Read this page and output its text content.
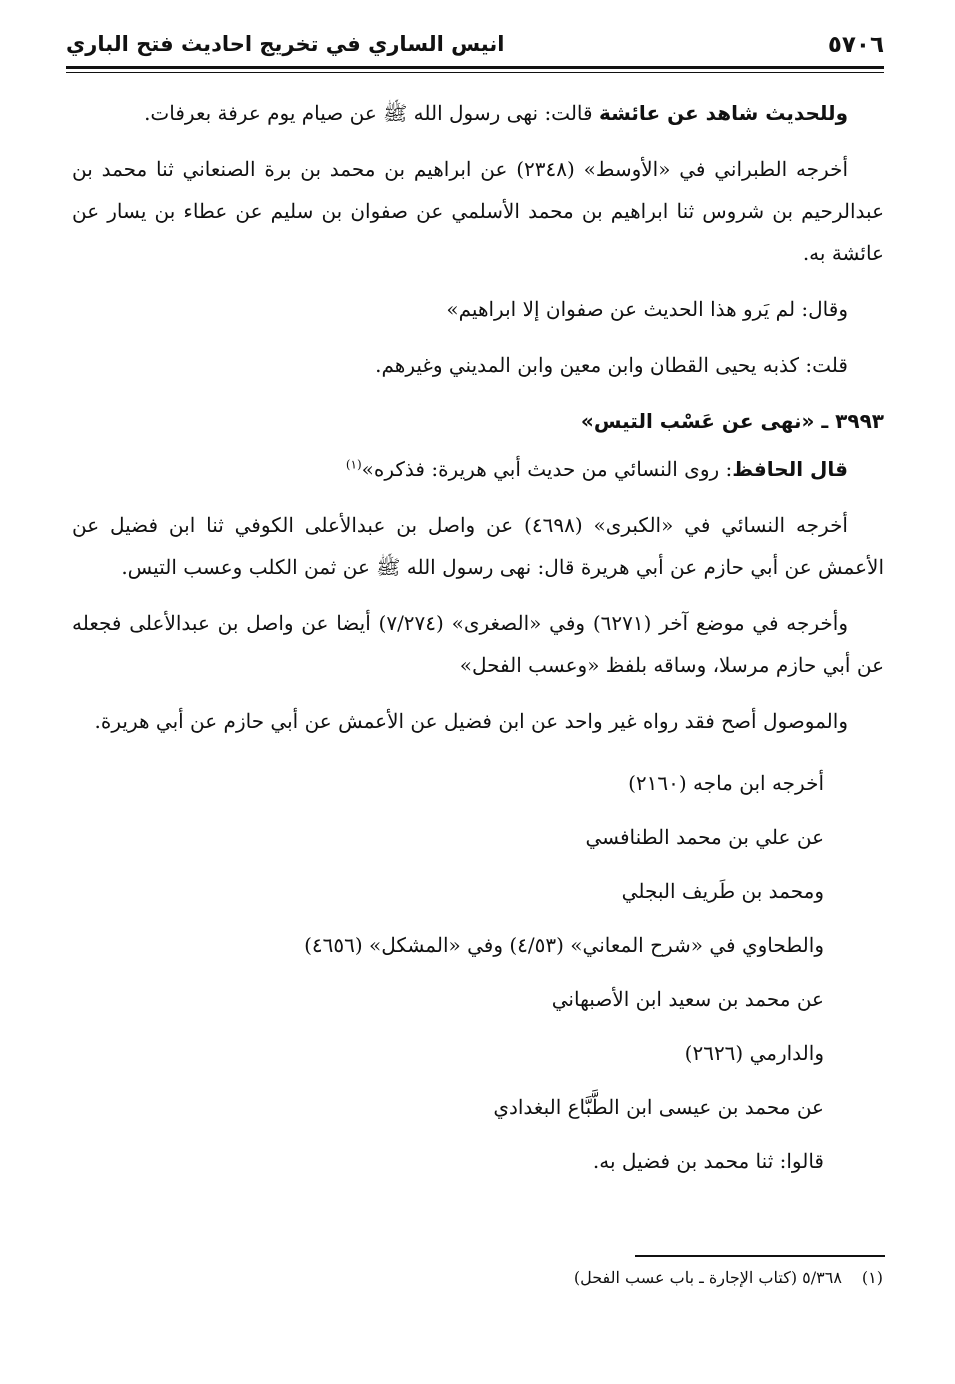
٥٧٠٦
انيس الساري في تخريج احاديث فتح الباري

وللحديث شاهد عن عائشة قالت: نهى رسول الله ﷺ عن صيام يوم عرفة بعرفات.

أخرجه الطبراني في «الأوسط» (٢٣٤٨) عن ابراهيم بن محمد بن برة الصنعاني ثنا محمد بن عبدالرحيم بن شروس ثنا ابراهيم بن محمد الأسلمي عن صفوان بن سليم عن عطاء بن يسار عن عائشة به.

وقال: لم يَرو هذا الحديث عن صفوان إلا ابراهيم»

قلت: كذبه يحيى القطان وابن معين وابن المديني وغيرهم.

٣٩٩٣ ـ «نهى عن عَسْب التيس»

قال الحافظ: روى النسائي من حديث أبي هريرة: فذكره»$^{(١)}$

أخرجه النسائي في «الكبرى» (٤٦٩٨) عن واصل بن عبدالأعلى الكوفي ثنا ابن فضيل عن الأعمش عن أبي حازم عن أبي هريرة قال: نهى رسول الله ﷺ عن ثمن الكلب وعسب التيس.

وأخرجه في موضع آخر (٦٢٧١) وفي «الصغرى» (٧/٢٧٤) أيضا عن واصل بن عبدالأعلى فجعله عن أبي حازم مرسلا، وساقه بلفظ «وعسب الفحل»

والموصول أصح فقد رواه غير واحد عن ابن فضيل عن الأعمش عن أبي حازم عن أبي هريرة.

أخرجه ابن ماجه (٢١٦٠)

عن علي بن محمد الطنافسي

ومحمد بن طَريف البجلي

والطحاوي في «شرح المعاني» (٤/٥٣) وفي «المشكل» (٤٦٥٦)

عن محمد بن سعيد ابن الأصبهاني

والدارمي (٢٦٢٦)

عن محمد بن عيسى ابن الطَّبَّاع البغدادي

قالوا: ثنا محمد بن فضيل به.

(١)٥/٣٦٨ (كتاب الإجارة ـ باب عسب الفحل)
